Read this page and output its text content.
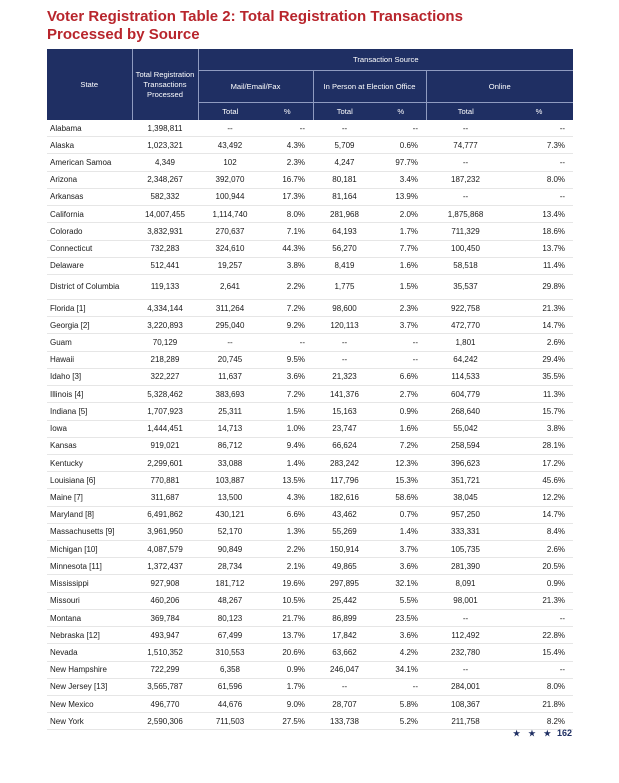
Voter Registration Table 2: Total Registration Transactions
Processed by Source
State	Total Registration Transactions Processed	Transaction Source					
		Mail/Email/Fax		In Person at Election Office		Online	
		Total	%	Total	%	Total	%
Alabama	1,398,811	--	--	--	--	--	--
Alaska	1,023,321	43,492	4.3%	5,709	0.6%	74,777	7.3%
American Samoa	4,349	102	2.3%	4,247	97.7%	--	--
Arizona	2,348,267	392,070	16.7%	80,181	3.4%	187,232	8.0%
Arkansas	582,332	100,944	17.3%	81,164	13.9%	--	--
California	14,007,455	1,114,740	8.0%	281,968	2.0%	1,875,868	13.4%
Colorado	3,832,931	270,637	7.1%	64,193	1.7%	711,329	18.6%
Connecticut	732,283	324,610	44.3%	56,270	7.7%	100,450	13.7%
Delaware	512,441	19,257	3.8%	8,419	1.6%	58,518	11.4%
District of Columbia	119,133	2,641	2.2%	1,775	1.5%	35,537	29.8%
Florida [1]	4,334,144	311,264	7.2%	98,600	2.3%	922,758	21.3%
Georgia [2]	3,220,893	295,040	9.2%	120,113	3.7%	472,770	14.7%
Guam	70,129	--	--	--	--	1,801	2.6%
Hawaii	218,289	20,745	9.5%	--	--	64,242	29.4%
Idaho [3]	322,227	11,637	3.6%	21,323	6.6%	114,533	35.5%
Illinois [4]	5,328,462	383,693	7.2%	141,376	2.7%	604,779	11.3%
Indiana [5]	1,707,923	25,311	1.5%	15,163	0.9%	268,640	15.7%
Iowa	1,444,451	14,713	1.0%	23,747	1.6%	55,042	3.8%
Kansas	919,021	86,712	9.4%	66,624	7.2%	258,594	28.1%
Kentucky	2,299,601	33,088	1.4%	283,242	12.3%	396,623	17.2%
Louisiana [6]	770,881	103,887	13.5%	117,796	15.3%	351,721	45.6%
Maine [7]	311,687	13,500	4.3%	182,616	58.6%	38,045	12.2%
Maryland [8]	6,491,862	430,121	6.6%	43,462	0.7%	957,250	14.7%
Massachusetts [9]	3,961,950	52,170	1.3%	55,269	1.4%	333,331	8.4%
Michigan [10]	4,087,579	90,849	2.2%	150,914	3.7%	105,735	2.6%
Minnesota [11]	1,372,437	28,734	2.1%	49,865	3.6%	281,390	20.5%
Mississippi	927,908	181,712	19.6%	297,895	32.1%	8,091	0.9%
Missouri	460,206	48,267	10.5%	25,442	5.5%	98,001	21.3%
Montana	369,784	80,123	21.7%	86,899	23.5%	--	--
Nebraska [12]	493,947	67,499	13.7%	17,842	3.6%	112,492	22.8%
Nevada	1,510,352	310,553	20.6%	63,662	4.2%	232,780	15.4%
New Hampshire	722,299	6,358	0.9%	246,047	34.1%	--	--
New Jersey [13]	3,565,787	61,596	1.7%	--	--	284,001	8.0%
New Mexico	496,770	44,676	9.0%	28,707	5.8%	108,367	21.8%
New York	2,590,306	711,503	27.5%	133,738	5.2%	211,758	8.2%
★ ★ ★ 162
